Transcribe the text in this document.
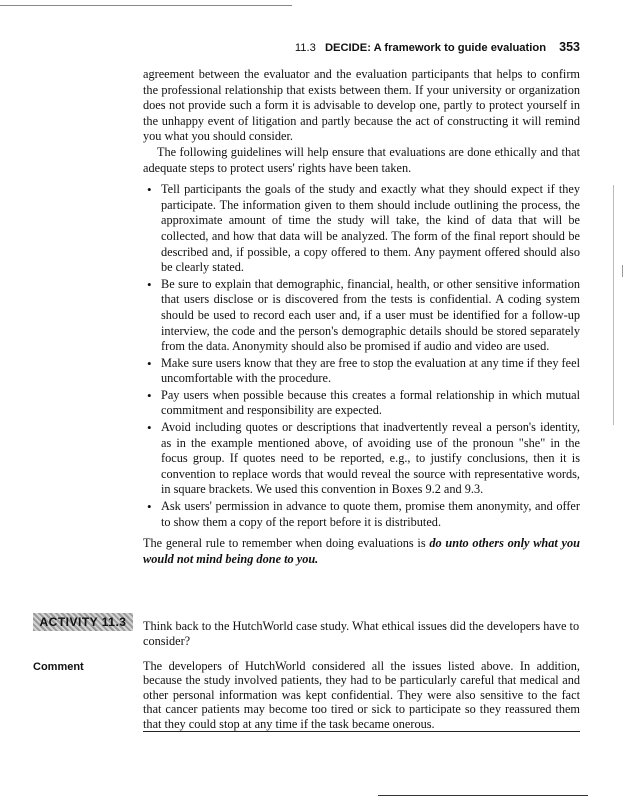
11.3 DECIDE: A framework to guide evaluation 353

agreement between the evaluator and the evaluation participants that helps to confirm the professional relationship that exists between them. If your university or organization does not provide such a form it is advisable to develop one, partly to protect yourself in the unhappy event of litigation and partly because the act of constructing it will remind you what you should consider.

The following guidelines will help ensure that evaluations are done ethically and that adequate steps to protect users' rights have been taken.

• Tell participants the goals of the study and exactly what they should expect if they participate. The information given to them should include outlining the process, the approximate amount of time the study will take, the kind of data that will be collected, and how that data will be analyzed. The form of the final report should be described and, if possible, a copy offered to them. Any payment offered should also be clearly stated.
• Be sure to explain that demographic, financial, health, or other sensitive information that users disclose or is discovered from the tests is confidential. A coding system should be used to record each user and, if a user must be identified for a follow-up interview, the code and the person's demographic details should be stored separately from the data. Anonymity should also be promised if audio and video are used.
• Make sure users know that they are free to stop the evaluation at any time if they feel uncomfortable with the procedure.
• Pay users when possible because this creates a formal relationship in which mutual commitment and responsibility are expected.
• Avoid including quotes or descriptions that inadvertently reveal a person's identity, as in the example mentioned above, of avoiding use of the pronoun "she" in the focus group. If quotes need to be reported, e.g., to justify conclusions, then it is convention to replace words that would reveal the source with representative words, in square brackets. We used this convention in Boxes 9.2 and 9.3.
• Ask users' permission in advance to quote them, promise them anonymity, and offer to show them a copy of the report before it is distributed.

The general rule to remember when doing evaluations is do unto others only what you would not mind being done to you.

ACTIVITY 11.3	Think back to the HutchWorld case study. What ethical issues did the developers have to consider?
Comment	The developers of HutchWorld considered all the issues listed above. In addition, because the study involved patients, they had to be particularly careful that medical and other personal information was kept confidential. They were also sensitive to the fact that cancer patients may become too tired or sick to participate so they reassured them that they could stop at any time if the task became onerous.
